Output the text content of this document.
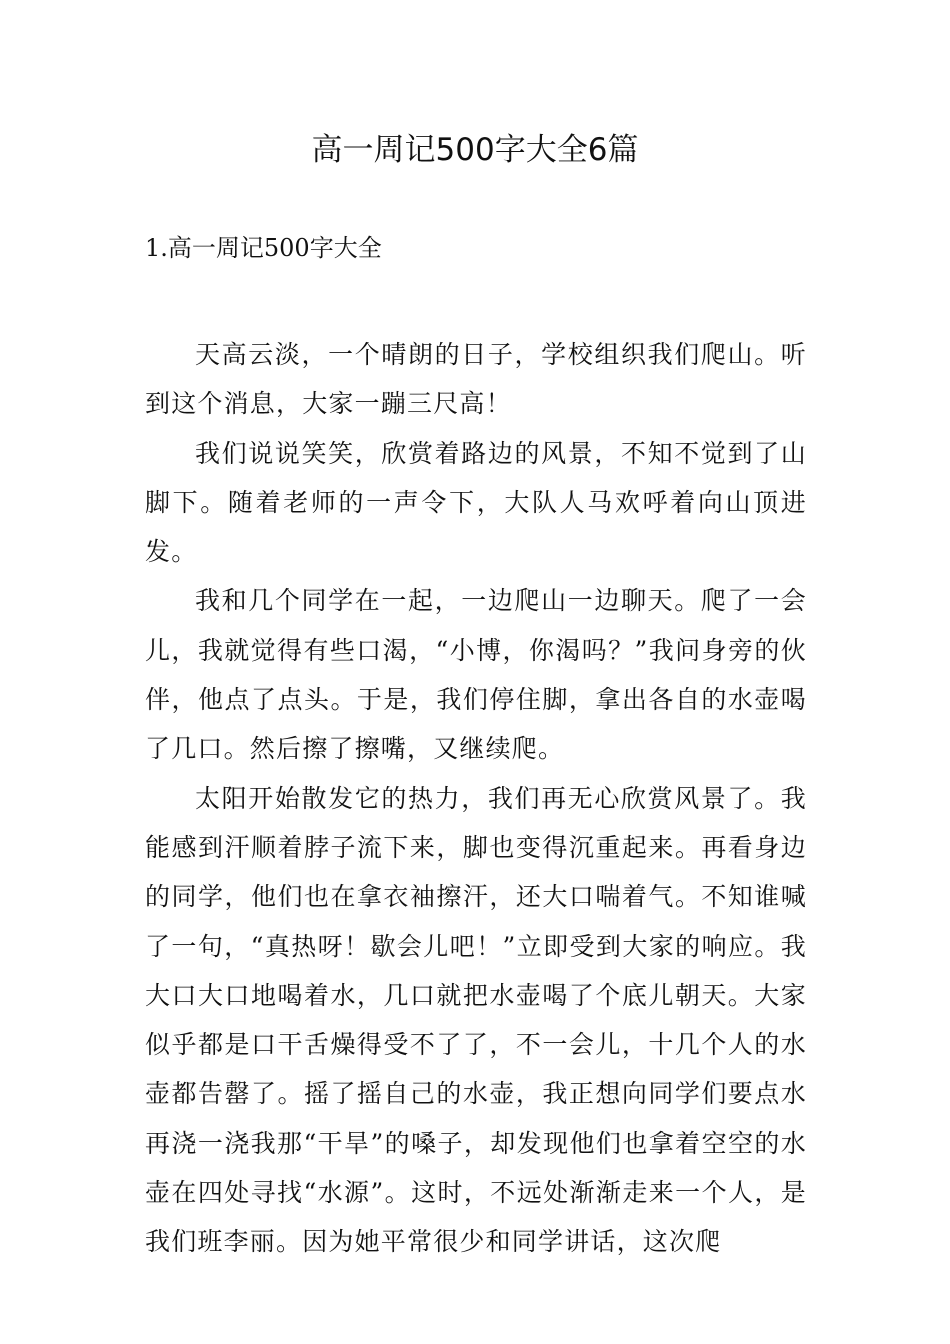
高一周记500字大全6篇
1.高一周记500字大全

天高云淡，一个晴朗的日子，学校组织我们爬山。听到这个消息，大家一蹦三尺高！

我们说说笑笑，欣赏着路边的风景，不知不觉到了山脚下。随着老师的一声令下，大队人马欢呼着向山顶进发。

我和几个同学在一起，一边爬山一边聊天。爬了一会儿，我就觉得有些口渴，“小博，你渴吗？”我问身旁的伙伴，他点了点头。于是，我们停住脚，拿出各自的水壶喝了几口。然后擦了擦嘴，又继续爬。

太阳开始散发它的热力，我们再无心欣赏风景了。我能感到汗顺着脖子流下来，脚也变得沉重起来。再看身边的同学，他们也在拿衣袖擦汗，还大口喘着气。不知谁喊了一句，“真热呀！歇会儿吧！”立即受到大家的响应。我大口大口地喝着水，几口就把水壶喝了个底儿朝天。大家似乎都是口干舌燥得受不了了，不一会儿，十几个人的水壶都告罄了。摇了摇自己的水壶，我正想向同学们要点水再浇一浇我那“干旱”的嗓子，却发现他们也拿着空空的水壶在四处寻找“水源”。这时，不远处渐渐走来一个人，是我们班李丽。因为她平常很少和同学讲话，这次爬
